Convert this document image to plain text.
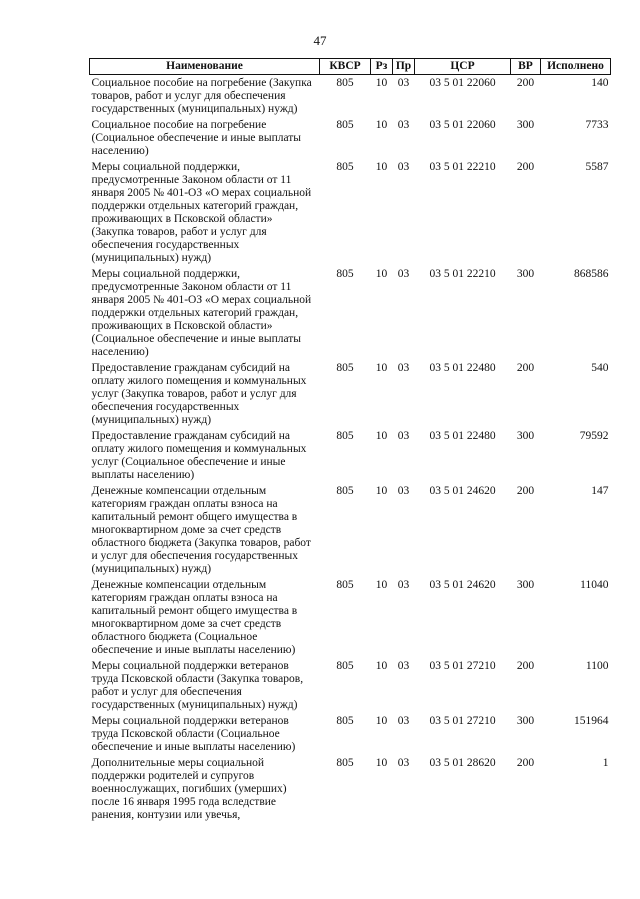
47
Наименование	КВСР	Рз	Пр	ЦСР	ВР	Исполнено
Социальное пособие на погребение (Закупка товаров, работ и услуг для обеспечения государственных (муниципальных) нужд)	805	10	03	03 5 01 22060	200	140
Социальное пособие на погребение (Социальное обеспечение и иные выплаты населению)	805	10	03	03 5 01 22060	300	7733
Меры социальной поддержки, предусмотренные Законом области от 11 января 2005 № 401-ОЗ «О мерах социальной поддержки отдельных категорий граждан, проживающих в Псковской области» (Закупка товаров, работ и услуг для обеспечения государственных (муниципальных) нужд)	805	10	03	03 5 01 22210	200	5587
Меры социальной поддержки, предусмотренные Законом области от 11 января 2005 № 401-ОЗ «О мерах социальной поддержки отдельных категорий граждан, проживающих в Псковской области» (Социальное обеспечение и иные выплаты населению)	805	10	03	03 5 01 22210	300	868586
Предоставление гражданам субсидий на оплату жилого помещения и коммунальных услуг (Закупка товаров, работ и услуг для обеспечения государственных (муниципальных) нужд)	805	10	03	03 5 01 22480	200	540
Предоставление гражданам субсидий на оплату жилого помещения и коммунальных услуг (Социальное обеспечение и иные выплаты населению)	805	10	03	03 5 01 22480	300	79592
Денежные компенсации отдельным категориям граждан оплаты взноса на капитальный ремонт общего имущества в многоквартирном доме за счет средств областного бюджета (Закупка товаров, работ и услуг для обеспечения государственных (муниципальных) нужд)	805	10	03	03 5 01 24620	200	147
Денежные компенсации отдельным категориям граждан оплаты взноса на капитальный ремонт общего имущества в многоквартирном доме за счет средств областного бюджета (Социальное обеспечение и иные выплаты населению)	805	10	03	03 5 01 24620	300	11040
Меры социальной поддержки ветеранов труда Псковской области (Закупка товаров, работ и услуг для обеспечения государственных (муниципальных) нужд)	805	10	03	03 5 01 27210	200	1100
Меры социальной поддержки ветеранов труда Псковской области (Социальное обеспечение и иные выплаты населению)	805	10	03	03 5 01 27210	300	151964
Дополнительные меры социальной поддержки родителей и супругов военнослужащих, погибших (умерших) после 16 января 1995 года вследствие ранения, контузии или увечья,	805	10	03	03 5 01 28620	200	1
